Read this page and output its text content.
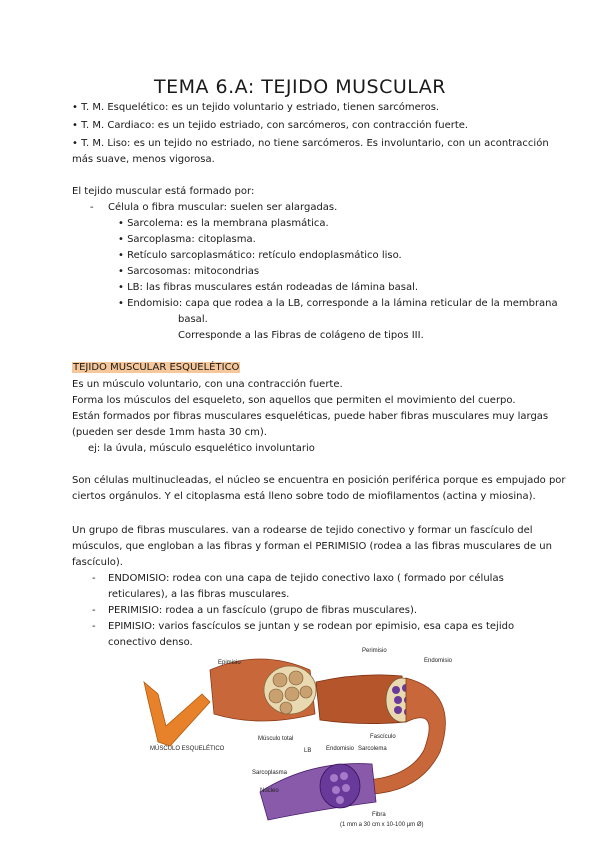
TEMA 6.A: TEJIDO MUSCULAR
• T. M. Esquelético: es un tejido voluntario y estriado, tienen sarcómeros.
• T. M. Cardiaco: es un tejido estriado, con sarcómeros, con contracción fuerte.
• T. M. Liso: es un tejido no estriado, no tiene sarcómeros. Es involuntario, con un acontracción
más suave, menos vigorosa.
El tejido muscular está formado por:
- Célula o fibra muscular: suelen ser alargadas.
• Sarcolema: es la membrana plasmática.
• Sarcoplasma: citoplasma.
• Retículo sarcoplasmático: retículo endoplasmático liso.
• Sarcosomas: mitocondrias
• LB: las fibras musculares están rodeadas de lámina basal.
• Endomisio: capa que rodea a la LB, corresponde a la lámina reticular de la membrana
basal.
Corresponde a las Fibras de colágeno de tipos III.
TEJIDO MUSCULAR ESQUELÉTICO
Es un músculo voluntario, con una contracción fuerte.
Forma los músculos del esqueleto, son aquellos que permiten el movimiento del cuerpo.
Están formados por fibras musculares esqueléticas, puede haber fibras musculares muy largas
(pueden ser desde 1mm hasta 30 cm).
ej: la úvula, músculo esquelético involuntario
Son células multinucleadas, el núcleo se encuentra en posición periférica porque es empujado por
ciertos orgánulos. Y el citoplasma está lleno sobre todo de miofilamentos (actina y miosina).
Un grupo de fibras musculares. van a rodearse de tejido conectivo y formar un fascículo del
músculos, que engloban a las fibras y forman el PERIMISIO (rodea a las fibras musculares de un
fascículo).
- ENDOMISIO: rodea con una capa de tejido conectivo laxo ( formado por células
reticulares), a las fibras musculares.
- PERIMISIO: rodea a un fascículo (grupo de fibras musculares).
- EPIMISIO: varios fascículos se juntan y se rodean por epimisio, esa capa es tejido
conectivo denso.
Epimisio
Perimisio
Endomisio
Músculo total	Fascículo
MÚSCULO ESQUELÉTICO	LB Endomisio Sarcolema
Sarcoplasma
Núcleo
Fibra
(1 mm a 30 cm x 10-100 µm Ø)
